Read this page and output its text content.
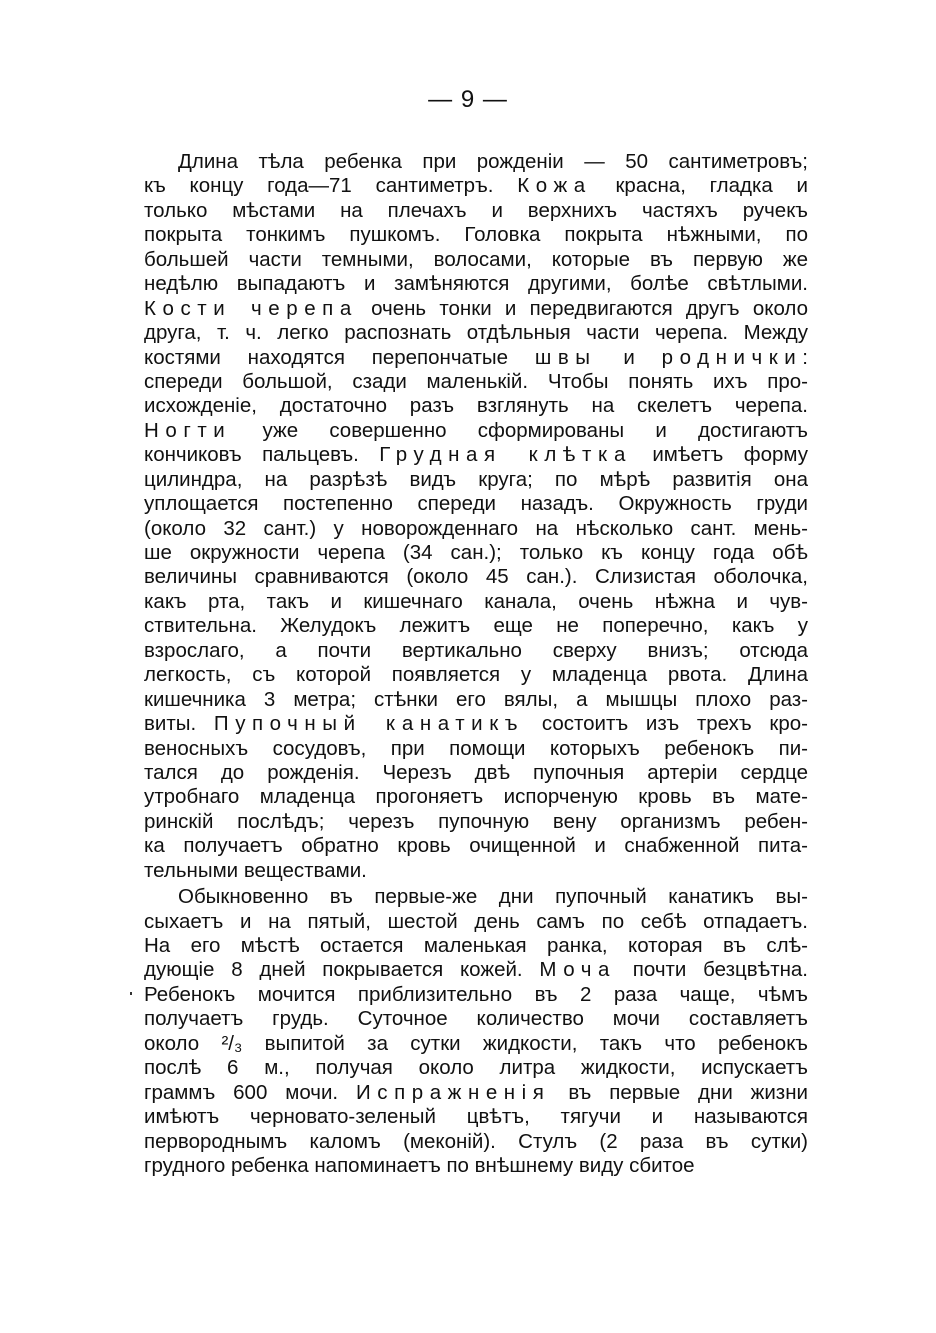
— 9 —
Длина тѣла ребенка при рожденіи — 50 сантиметровъ;
къ концу года—71 сантиметръ. Кожа красна, гладка и
только мѣстами на плечахъ и верхнихъ частяхъ ручекъ
покрыта тонкимъ пушкомъ. Головка покрыта нѣжными, по
большей части темными, волосами, которые въ первую же
недѣлю выпадаютъ и замѣняются другими, болѣе свѣтлыми.
Кости черепа очень тонки и передвигаются другъ около
друга, т. ч. легко распознать отдѣльныя части черепа. Между
костями находятся перепончатые швы и роднички:
спереди большой, сзади маленькій. Чтобы понять ихъ про-
исхожденіе, достаточно разъ взглянуть на скелетъ черепа.
Ногти уже совершенно сформированы и достигаютъ
кончиковъ пальцевъ. Грудная клѣтка имѣетъ форму
цилиндра, на разрѣзѣ видъ круга; по мѣрѣ развитія она
уплощается постепенно спереди назадъ. Окружность груди
(около 32 сант.) у новорожденнаго на нѣсколько сант. мень-
ше окружности черепа (34 сан.); только къ концу года обѣ
величины сравниваются (около 45 сан.). Слизистая оболочка,
какъ рта, такъ и кишечнаго канала, очень нѣжна и чув-
ствительна. Желудокъ лежитъ еще не поперечно, какъ у
взрослаго, а почти вертикально сверху внизъ; отсюда
легкость, съ которой появляется у младенца рвота. Длина
кишечника 3 метра; стѣнки его вялы, а мышцы плохо раз-
виты. Пупочный канатикъ состоитъ изъ трехъ кро-
веносныхъ сосудовъ, при помощи которыхъ ребенокъ пи-
тался до рожденія. Черезъ двѣ пупочныя артеріи сердце
утробнаго младенца прогоняетъ испорченую кровь въ мате-
ринскій послѣдъ; черезъ пупочную вену организмъ ребен-
ка получаетъ обратно кровь очищенной и снабженной пита-
тельными веществами.
Обыкновенно въ первые-же дни пупочный канатикъ вы-
сыхаетъ и на пятый, шестой день самъ по себѣ отпадаетъ.
На его мѣстѣ остается маленькая ранка, которая въ слѣ-
дующіе 8 дней покрывается кожей. Моча почти безцвѣтна.
Ребенокъ мочится приблизительно въ 2 раза чаще, чѣмъ
получаетъ грудь. Суточное количество мочи составляетъ
около ²/₃ выпитой за сутки жидкости, такъ что ребенокъ
послѣ 6 м., получая около литра жидкости, испускаетъ
граммъ 600 мочи. Испражненія въ первые дни жизни
имѣютъ черновато-зеленый цвѣтъ, тягучи и называются
первороднымъ каломъ (меконій). Стулъ (2 раза въ сутки)
грудного ребенка напоминаетъ по внѣшнему виду сбитое
